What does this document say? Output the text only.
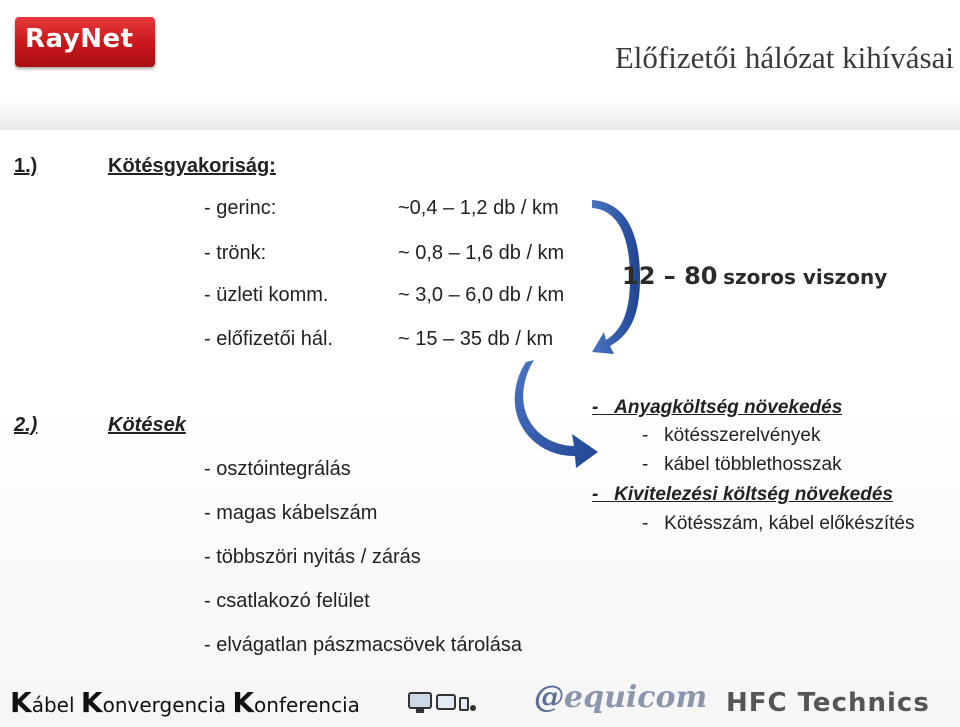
RayNet
Előfizetői hálózat kihívásai
1.)	Kötésgyakoriság:
- gerinc:	~0,4 – 1,2 db / km
- trönk:	~ 0,8 – 1,6 db / km
- üzleti komm.	~ 3,0 – 6,0 db / km
- előfizetői hál.	~ 15 – 35 db / km
12 – 80 szoros viszony
2.)	Kötések
- osztóintegrálás
- magas kábelszám
- többszöri nyitás / zárás
- csatlakozó felület
- elvágatlan pászmacsövek tárolása
- Anyagköltség növekedés
-   kötésszerelvények
-   kábel többlethosszak
- Kivitelezési költség növekedés
-   Kötésszám, kábel előkészítés
Kábel Konvergencia Konferencia	@equicom HFC Technics
